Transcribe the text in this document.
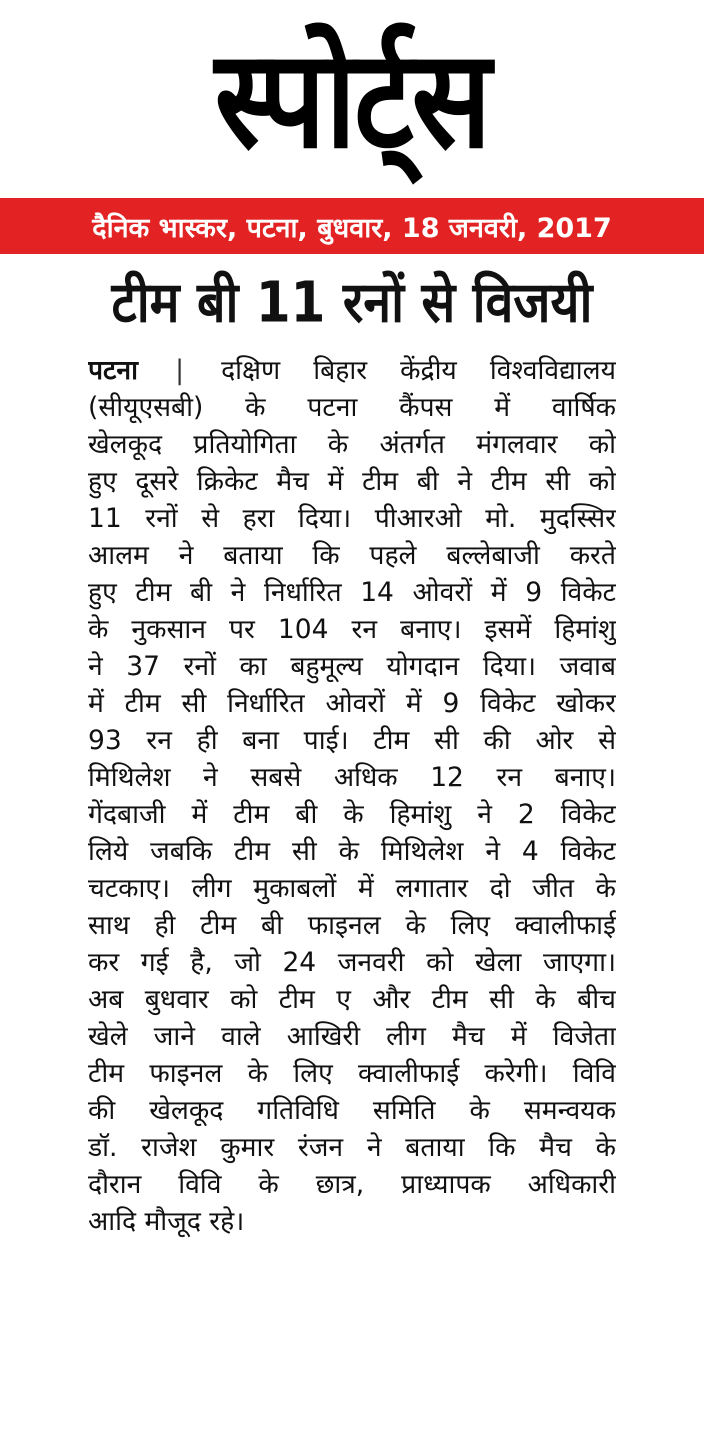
स्पोर्ट्स
दैनिक भास्कर , पटना, बुधवार, 18 जनवरी, 2017
टीम बी 11 रनों से विजयी
पटना | दक्षिण बिहार केंद्रीय विश्वविद्यालय
(सीयूएसबी) के पटना कैंपस में वार्षिक
खेलकूद प्रतियोगिता के अंतर्गत मंगलवार को
हुए दूसरे क्रिकेट मैच में टीम बी ने टीम सी को
11 रनों से हरा दिया। पीआरओ मो. मुदस्सिर
आलम ने बताया कि पहले बल्लेबाजी करते
हुए टीम बी ने निर्धारित 14 ओवरों में 9 विकेट
के नुकसान पर 104 रन बनाए। इसमें हिमांशु
ने 37 रनों का बहुमूल्य योगदान दिया। जवाब
में टीम सी निर्धारित ओवरों में 9 विकेट खोकर
93 रन ही बना पाई। टीम सी की ओर से
मिथिलेश ने सबसे अधिक 12 रन बनाए।
गेंदबाजी में टीम बी के हिमांशु ने 2 विकेट
लिये जबकि टीम सी के मिथिलेश ने 4 विकेट
चटकाए। लीग मुकाबलों में लगातार दो जीत के
साथ ही टीम बी फाइनल के लिए क्वालीफाई
कर गई है, जो 24 जनवरी को खेला जाएगा।
अब बुधवार को टीम ए और टीम सी के बीच
खेले जाने वाले आखिरी लीग मैच में विजेता
टीम फाइनल के लिए क्वालीफाई करेगी। विवि
की खेलकूद गतिविधि समिति के समन्वयक
डॉ. राजेश कुमार रंजन ने बताया कि मैच के
दौरान विवि के छात्र, प्राध्यापक अधिकारी
आदि मौजूद रहे।
